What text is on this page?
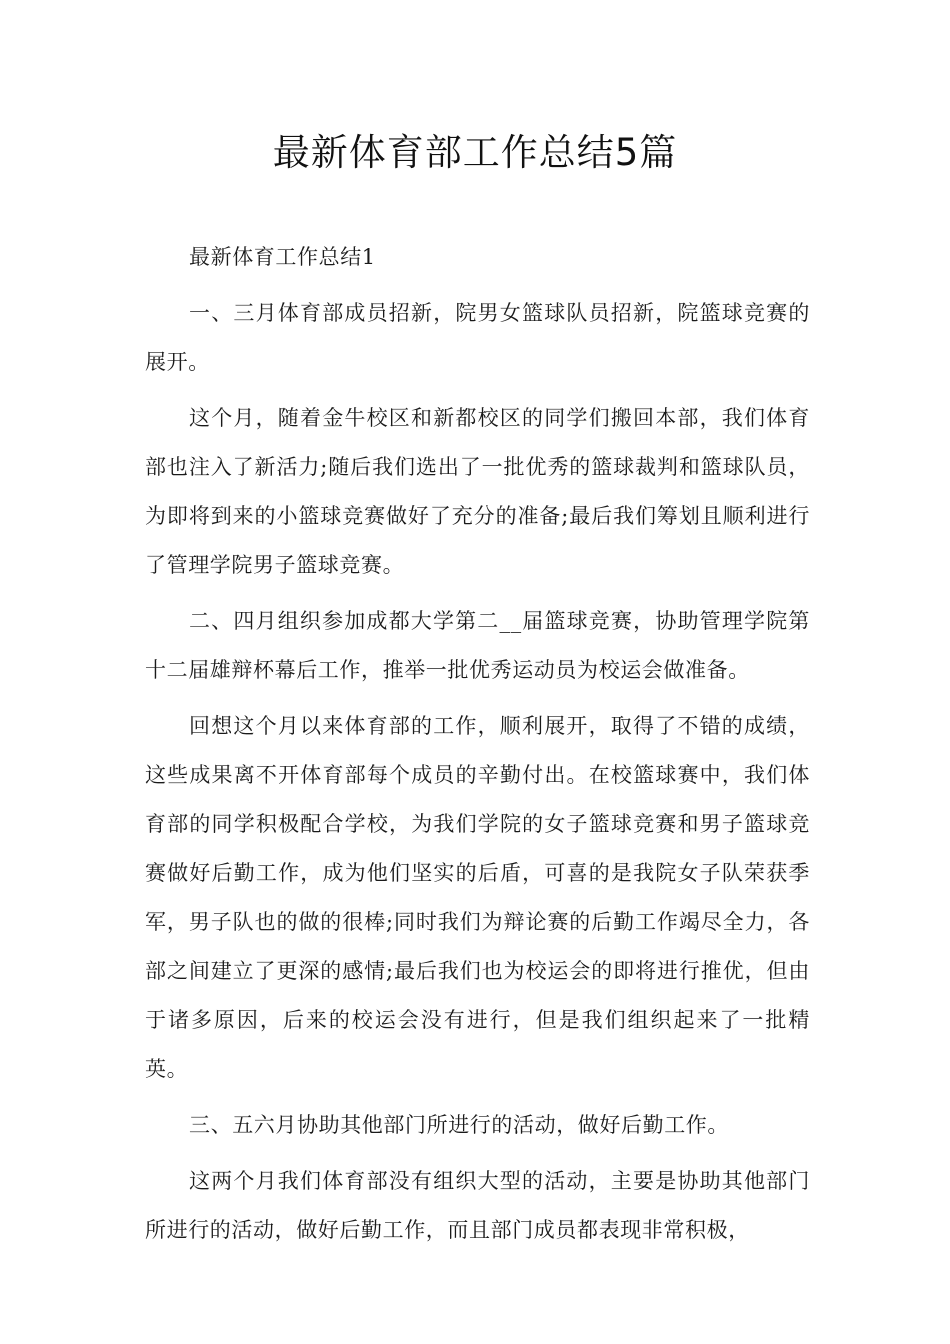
最新体育部工作总结5篇

最新体育工作总结1

一、三月体育部成员招新，院男女篮球队员招新，院篮球竞赛的展开。

这个月，随着金牛校区和新都校区的同学们搬回本部，我们体育部也注入了新活力;随后我们选出了一批优秀的篮球裁判和篮球队员，为即将到来的小篮球竞赛做好了充分的准备;最后我们筹划且顺利进行了管理学院男子篮球竞赛。

二、四月组织参加成都大学第二__届篮球竞赛，协助管理学院第十二届雄辩杯幕后工作，推举一批优秀运动员为校运会做准备。

回想这个月以来体育部的工作，顺利展开，取得了不错的成绩，这些成果离不开体育部每个成员的辛勤付出。在校篮球赛中，我们体育部的同学积极配合学校，为我们学院的女子篮球竞赛和男子篮球竞赛做好后勤工作，成为他们坚实的后盾，可喜的是我院女子队荣获季军，男子队也的做的很棒;同时我们为辩论赛的后勤工作竭尽全力，各部之间建立了更深的感情;最后我们也为校运会的即将进行推优，但由于诸多原因，后来的校运会没有进行，但是我们组织起来了一批精英。

三、五六月协助其他部门所进行的活动，做好后勤工作。

这两个月我们体育部没有组织大型的活动，主要是协助其他部门所进行的活动，做好后勤工作，而且部门成员都表现非常积极，
